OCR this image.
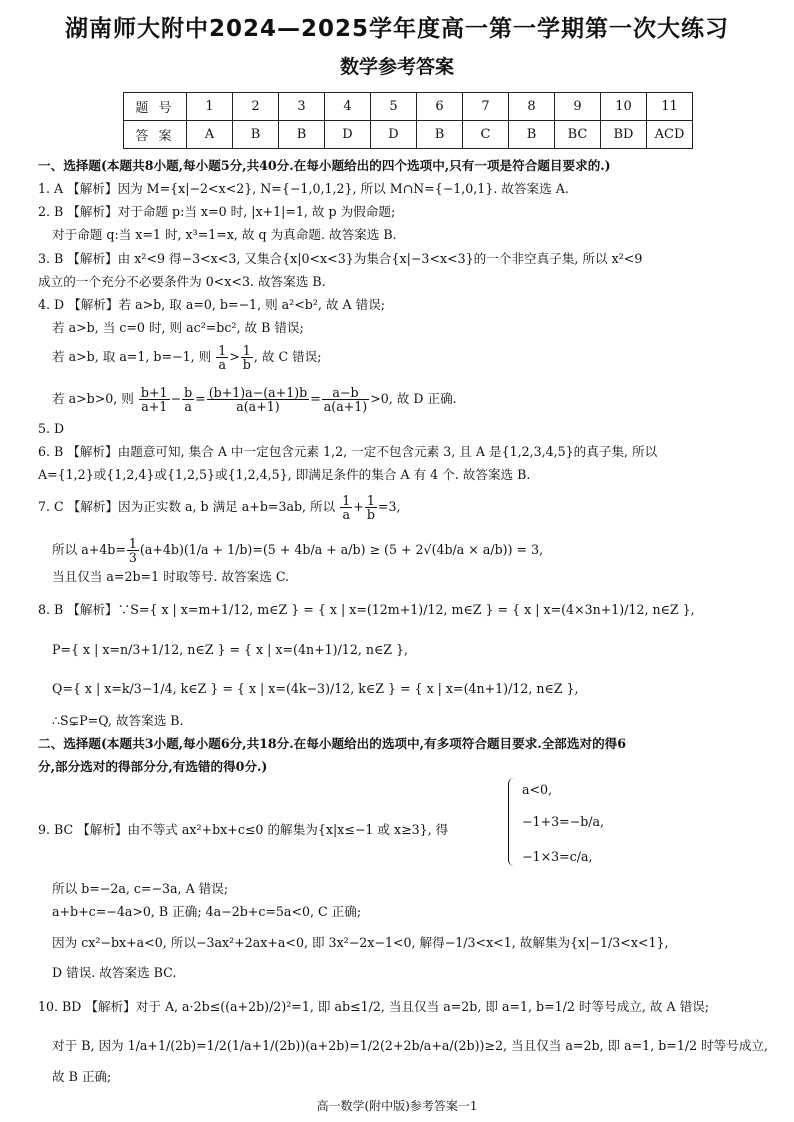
湖南师大附中2024—2025学年度高一第一学期第一次大练习
数学参考答案
题 号	1	2	3	4	5	6	7	8	9	10	11
答 案	A	B	B	D	D	B	C	B	BC	BD	ACD
一、选择题(本题共8小题,每小题5分,共40分.在每小题给出的四个选项中,只有一项是符合题目要求的.)
1. A 【解析】因为 M={x|−2<x<2}, N={−1,0,1,2}, 所以 M∩N={−1,0,1}. 故答案选 A.
2. B 【解析】对于命题 p:当 x=0 时, |x+1|=1, 故 p 为假命题;
对于命题 q:当 x=1 时, x³=1=x, 故 q 为真命题. 故答案选 B.
3. B 【解析】由 x²<9 得−3<x<3, 又集合{x|0<x<3}为集合{x|−3<x<3}的一个非空真子集, 所以 x²<9
成立的一个充分不必要条件为 0<x<3. 故答案选 B.
4. D 【解析】若 a>b, 取 a=0, b=−1, 则 a²<b², 故 A 错误;
若 a>b, 当 c=0 时, 则 ac²=bc², 故 B 错误;
若 a>b, 取 a=1, b=−1, 则 $\frac{1}{a} > \frac{1}{b}$ , 故 C 错误;
若 a>b>0, 则 $\frac{b+1}{a+1} - \frac{b}{a} = \frac{(b+1)a-(a+1)b}{a(a+1)} = \frac{a-b}{a(a+1)} >0$, 故 D 正确.
5. D
6. B 【解析】由题意可知, 集合 A 中一定包含元素 1,2, 一定不包含元素 3, 且 A 是{1,2,3,4,5}的真子集, 所以
A={1,2}或{1,2,4}或{1,2,5}或{1,2,4,5}, 即满足条件的集合 A 有 4 个. 故答案选 B.
7. C 【解析】因为正实数 a, b 满足 a+b=3ab, 所以 $\frac{1}{a} + \frac{1}{b} =3$,
所以 $a+4b= \frac{1}{3} (a+4b)(1/a + 1/b)=(5 + 4b/a + a/b) \ge (5 + 2√(4b/a \times a/b)) = 3$,
当且仅当 a=2b=1 时取等号. 故答案选 C.
8. B 【解析】∵S={ x | x=m+1/12, m∈Z } = { x | x=(12m+1)/12, m∈Z } = { x | x=(4×3n+1)/12, n∈Z },
P={ x | x=n/3+1/12, n∈Z } = { x | x=(4n+1)/12, n∈Z },
Q={ x | x=k/3−1/4, k∈Z } = { x | x=(4k−3)/12, k∈Z } = { x | x=(4n+1)/12, n∈Z },
∴S⊊P=Q, 故答案选 B.
二、选择题(本题共3小题,每小题6分,共18分.在每小题给出的选项中,有多项符合题目要求.全部选对的得6
分,部分选对的得部分分,有选错的得0分.)
9. BC 【解析】由不等式 ax²+bx+c≤0 的解集为{x|x≤−1 或 x≥3}, 得
a<0,
−1+3=−b/a,
−1×3=c/a,
所以 b=−2a, c=−3a, A 错误;
a+b+c=−4a>0, B 正确; 4a−2b+c=5a<0, C 正确;
因为 cx²−bx+a<0, 所以−3ax²+2ax+a<0, 即 3x²−2x−1<0, 解得−1/3<x<1, 故解集为{x|−1/3<x<1},
D 错误. 故答案选 BC.
10. BD 【解析】对于 A, a·2b≤((a+2b)/2)²=1, 即 ab≤1/2, 当且仅当 a=2b, 即 a=1, b=1/2 时等号成立, 故 A 错误;
对于 B, 因为 1/a+1/(2b)=1/2(1/a+1/(2b))(a+2b)=1/2(2+2b/a+a/(2b))≥2, 当且仅当 a=2b, 即 a=1, b=1/2 时等号成立,
故 B 正确;
高一数学(附中版)参考答案一1
